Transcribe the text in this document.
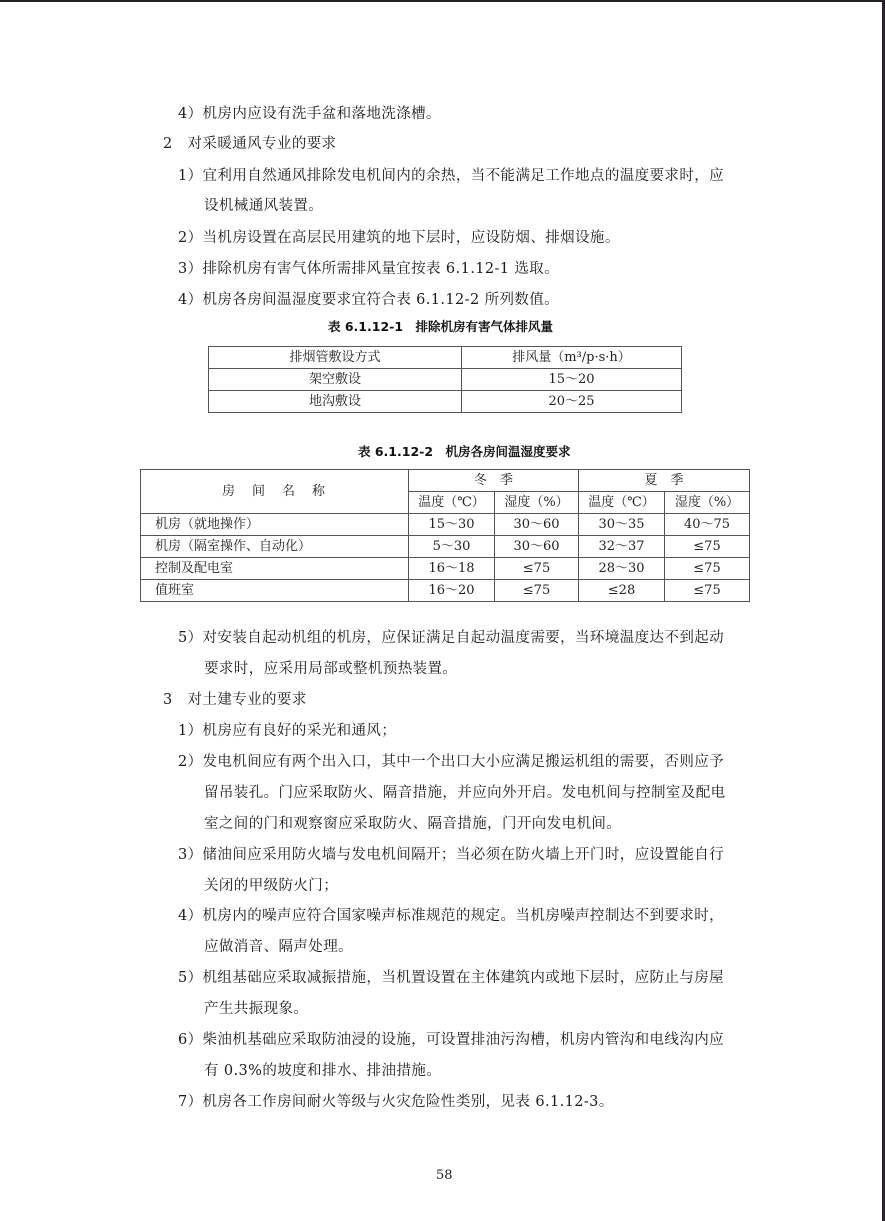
4）机房内应设有洗手盆和落地洗涤槽。
2　对采暖通风专业的要求
1）宜利用自然通风排除发电机间内的余热，当不能满足工作地点的温度要求时，应
设机械通风装置。
2）当机房设置在高层民用建筑的地下层时，应设防烟、排烟设施。
3）排除机房有害气体所需排风量宜按表 6.1.12-1 选取。
4）机房各房间温湿度要求宜符合表 6.1.12-2 所列数值。
表 6.1.12-1　排除机房有害气体排风量
排烟管敷设方式	排风量（m³/p·s·h）
架空敷设	15～20
地沟敷设	20～25
表 6.1.12-2　机房各房间温湿度要求
房　间　名　称	冬　季		夏　季	
	温度（℃）	湿度（%）	温度（℃）	湿度（%）
机房（就地操作）	15～30	30～60	30～35	40～75
机房（隔室操作、自动化）	5～30	30～60	32～37	≤75
控制及配电室	16～18	≤75	28～30	≤75
值班室	16～20	≤75	≤28	≤75
5）对安装自起动机组的机房，应保证满足自起动温度需要，当环境温度达不到起动
要求时，应采用局部或整机预热装置。
3　对土建专业的要求
1）机房应有良好的采光和通风；
2）发电机间应有两个出入口，其中一个出口大小应满足搬运机组的需要，否则应予
留吊装孔。门应采取防火、隔音措施，并应向外开启。发电机间与控制室及配电
室之间的门和观察窗应采取防火、隔音措施，门开向发电机间。
3）储油间应采用防火墙与发电机间隔开；当必须在防火墙上开门时，应设置能自行
关闭的甲级防火门；
4）机房内的噪声应符合国家噪声标准规范的规定。当机房噪声控制达不到要求时，
应做消音、隔声处理。
5）机组基础应采取减振措施，当机置设置在主体建筑内或地下层时，应防止与房屋
产生共振现象。
6）柴油机基础应采取防油浸的设施，可设置排油污沟槽，机房内管沟和电线沟内应
有 0.3%的坡度和排水、排油措施。
7）机房各工作房间耐火等级与火灾危险性类别，见表 6.1.12-3。
58
